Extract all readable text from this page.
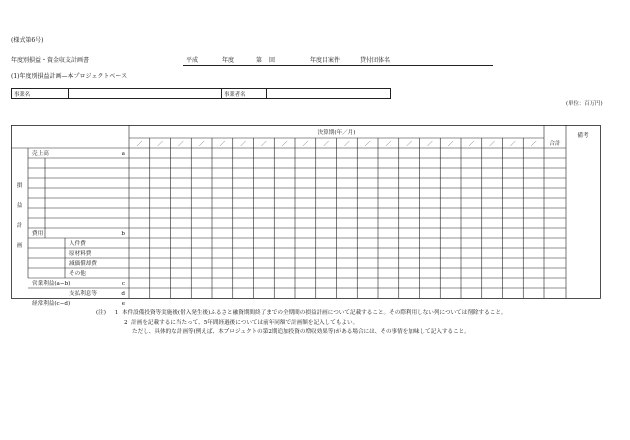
(様式第6号)
年度別損益・資金収支計画書	平成	年度	第 回	年度目案件	貸付団体名
(1)年度別損益計画—本プロジェクトベース
事業名		事業者名	
(単位：百万円)
／	／	／	／	／	／	／	／	／	／	／	／	／	／	／	／	／	／	／	／
決算期(年／月)
合計
備考
損
益
計
画
売上高	a
費用	b
人件費
原材料費
減価償却費
その他
営業利益(a−b)	c
支払利息等	d
経常利益(c−d)	e
(注) 1 本件設備投資等実施後(借入発生後)ふるさと融資期間終了までの全期間の損益計画について記載すること。その際利用しない列については削除すること。
2 計画を記載するに当たって、5年間経過後については前年同額で計画額を記入してもよい。
ただし、具体的な計画等(例えば、本プロジェクトの第2期追加投資の増収効果等)がある場合には、その事情を加味して記入すること。
